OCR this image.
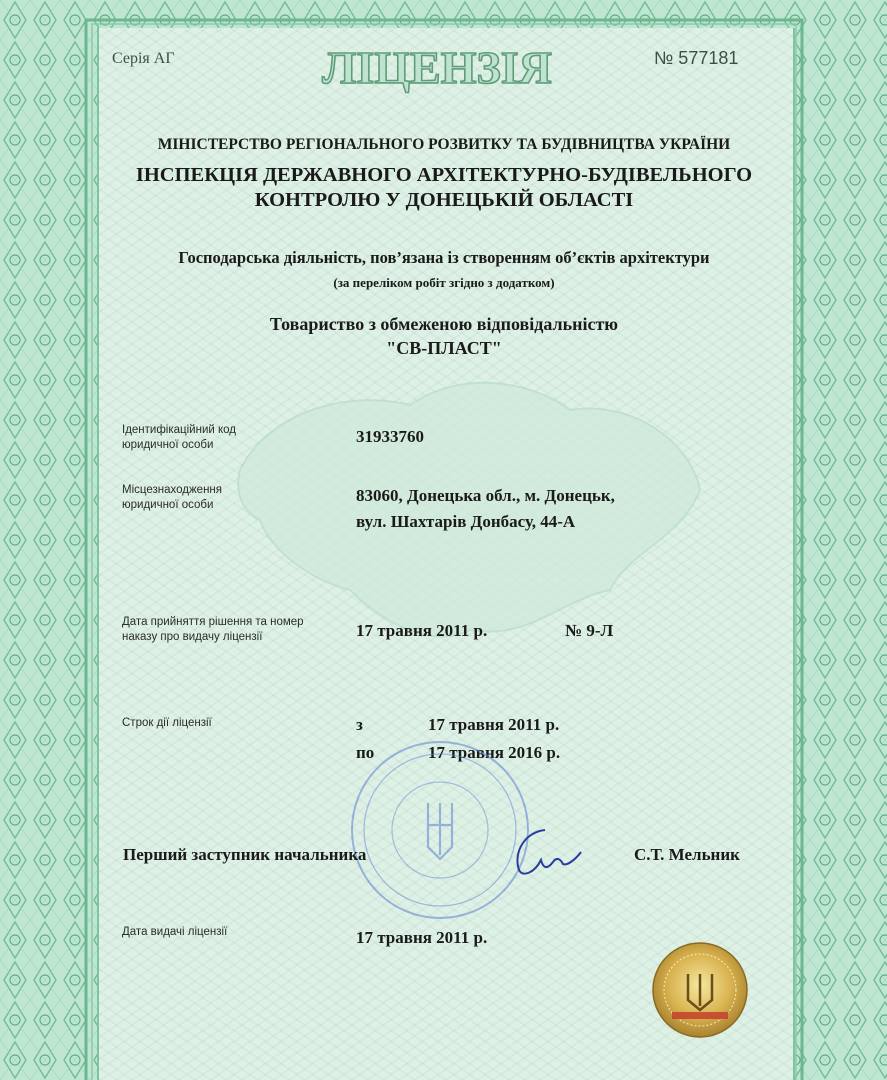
Серія АГ	ЛІЦЕНЗІЯ	№ 577181
МІНІСТЕРСТВО РЕГІОНАЛЬНОГО РОЗВИТКУ ТА БУДІВНИЦТВА УКРАЇНИ
ІНСПЕКЦІЯ ДЕРЖАВНОГО АРХІТЕКТУРНО-БУДІВЕЛЬНОГО
КОНТРОЛЮ У ДОНЕЦЬКІЙ ОБЛАСТІ
Господарська діяльність, пов’язана із створенням об’єктів архітектури
(за переліком робіт згідно з додатком)
Товариство з обмеженою відповідальністю
"СВ-ПЛАСТ"
Ідентифікаційний код
юридичної особи	31933760
Місцезнаходження
юридичної особи	83060, Донецька обл., м. Донецьк,
вул. Шахтарів Донбасу, 44-А
Дата прийняття рішення та номер
наказу про видачу ліцензії	17 травня 2011 р.	№ 9-Л
Строк дії ліцензії	з	17 травня 2011 р.
по	17 травня 2016 р.
Перший заступник начальника	С.Т. Мельник
Дата видачі ліцензії	17 травня 2011 р.
